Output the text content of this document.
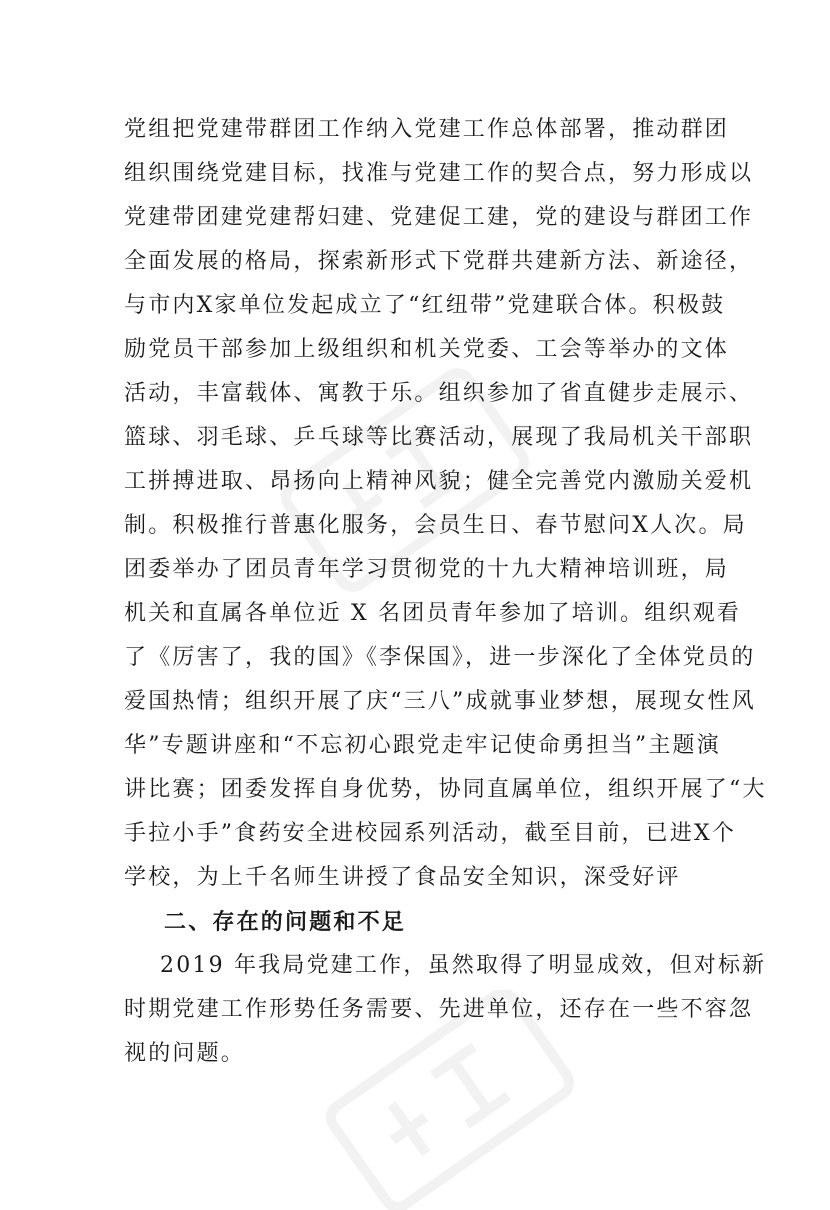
党组把党建带群团工作纳入党建工作总体部署，推动群团
组织围绕党建目标，找准与党建工作的契合点，努力形成以
党建带团建党建帮妇建、党建促工建，党的建设与群团工作
全面发展的格局，探索新形式下党群共建新方法、新途径，
与市内X家单位发起成立了“红纽带”党建联合体。积极鼓
励党员干部参加上级组织和机关党委、工会等举办的文体
活动，丰富载体、寓教于乐。组织参加了省直健步走展示、
篮球、羽毛球、乒乓球等比赛活动，展现了我局机关干部职
工拼搏进取、昂扬向上精神风貌；健全完善党内激励关爱机
制。积极推行普惠化服务，会员生日、春节慰问X人次。局
团委举办了团员青年学习贯彻党的十九大精神培训班，局
机关和直属各单位近 X 名团员青年参加了培训。组织观看
了《厉害了，我的国》《李保国》，进一步深化了全体党员的
爱国热情；组织开展了庆“三八”成就事业梦想，展现女性风
华”专题讲座和“不忘初心跟党走牢记使命勇担当”主题演
讲比赛；团委发挥自身优势，协同直属单位，组织开展了“大
手拉小手”食药安全进校园系列活动，截至目前，已进X个
学校，为上千名师生讲授了食品安全知识，深受好评
二、存在的问题和不足
2019 年我局党建工作，虽然取得了明显成效，但对标新
时期党建工作形势任务需要、先进单位，还存在一些不容忽
视的问题。
